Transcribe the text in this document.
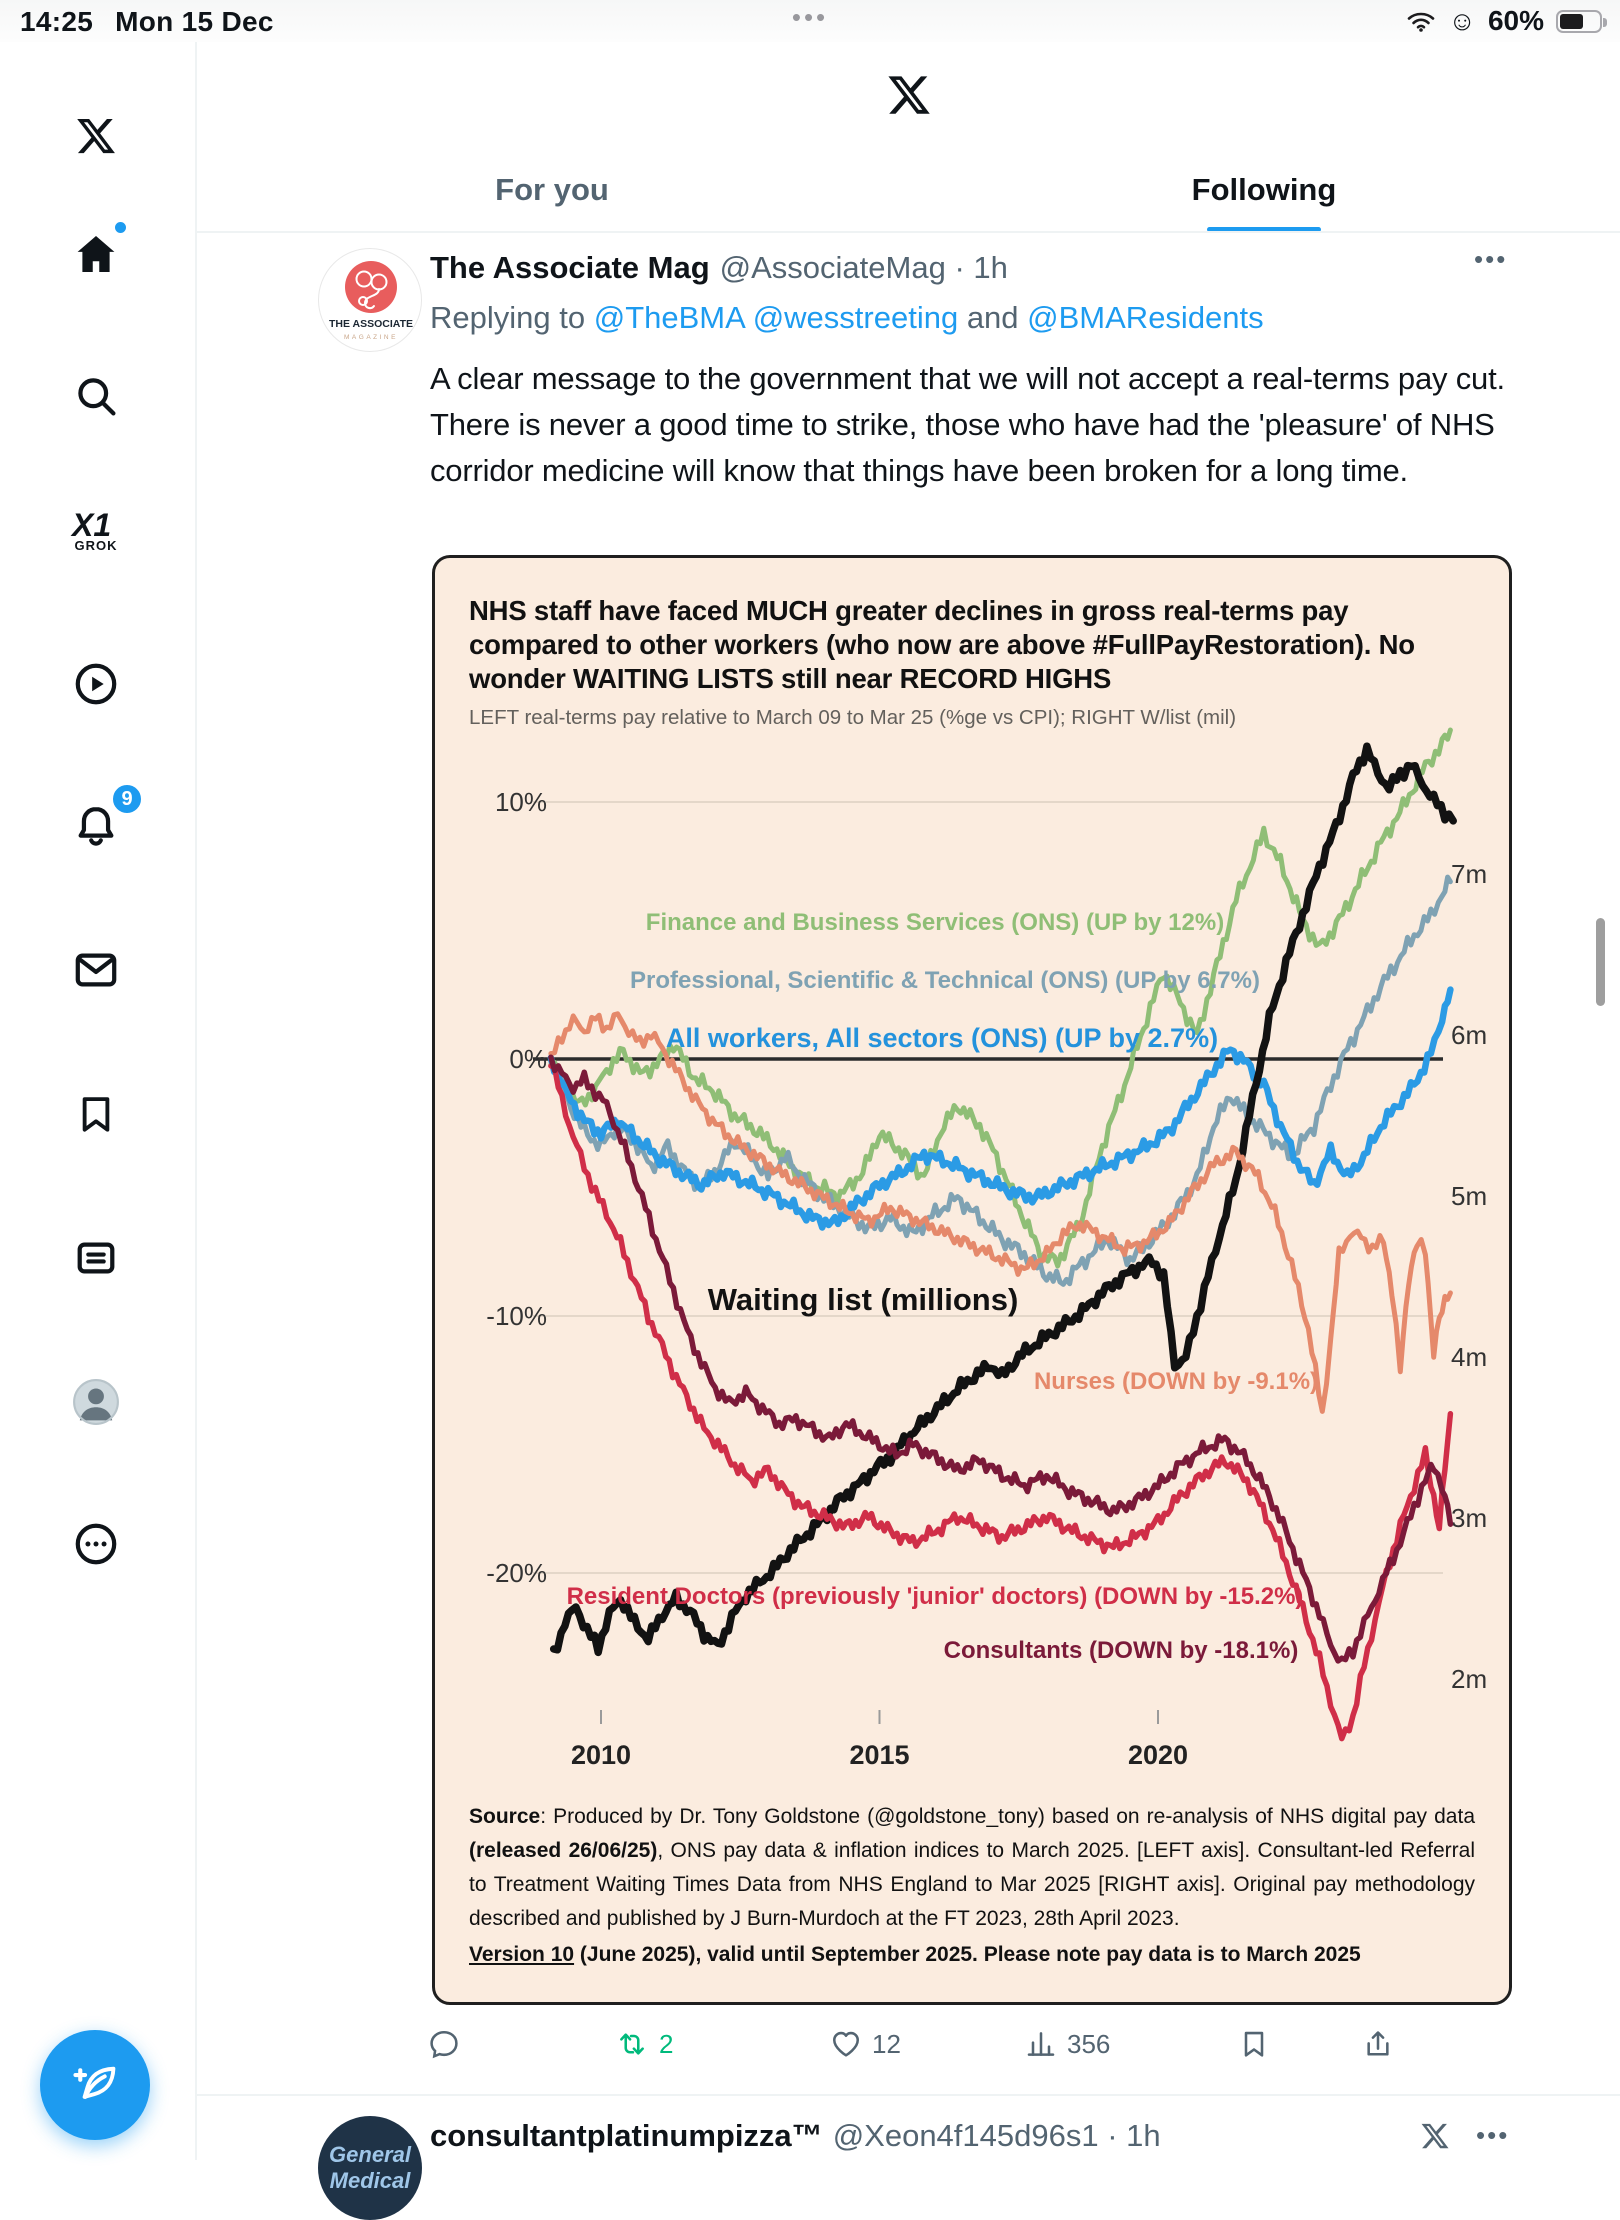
14:25 Mon 15 Dec	•••	☺ 60%
X1
GROK
9
For you	Following
THE ASSOCIATE
MAGAZINE
The Associate Mag @AssociateMag · 1h	•••
Replying to @TheBMA @wesstreeting and @BMAResidents
A clear message to the government that we will not accept a real-terms pay cut. There is never a good time to strike, those who have had the 'pleasure' of NHS corridor medicine will know that things have been broken for a long time.
10%
0%
-10%
-20%
7m
6m
5m
4m
3m
2m
2010	2015	2020
Finance and Business Services (ONS) (UP by 12%)
Professional, Scientific & Technical (ONS) (UP by 6.7%)
All workers, All sectors (ONS) (UP by 2.7%)
Waiting list (millions)
Nurses (DOWN by -9.1%)
Resident Doctors (previously 'junior' doctors) (DOWN by -15.2%)
Consultants (DOWN by -18.1%)
NHS staff have faced MUCH greater declines in gross real-terms pay compared to other workers (who now are above #FullPayRestoration). No wonder WAITING LISTS still near RECORD HIGHS
LEFT real-terms pay relative to March 09 to Mar 25 (%ge vs CPI); RIGHT W/list (mil)

Source: Produced by Dr. Tony Goldstone (@goldstone_tony) based on re-analysis of NHS digital pay data (released 26/06/25), ONS pay data & inflation indices to March 2025. [LEFT axis]. Consultant-led Referral to Treatment Waiting Times Data from NHS England to Mar 2025 [RIGHT axis]. Original pay methodology described and published by J Burn-Murdoch at the FT 2023, 28th April 2023.

Version 10 (June 2025), valid until September 2025. Please note pay data is to March 2025

2	12	356
General
Medical
consultantplatinumpizza™ @Xeon4f145d96s1 · 1h	•••
